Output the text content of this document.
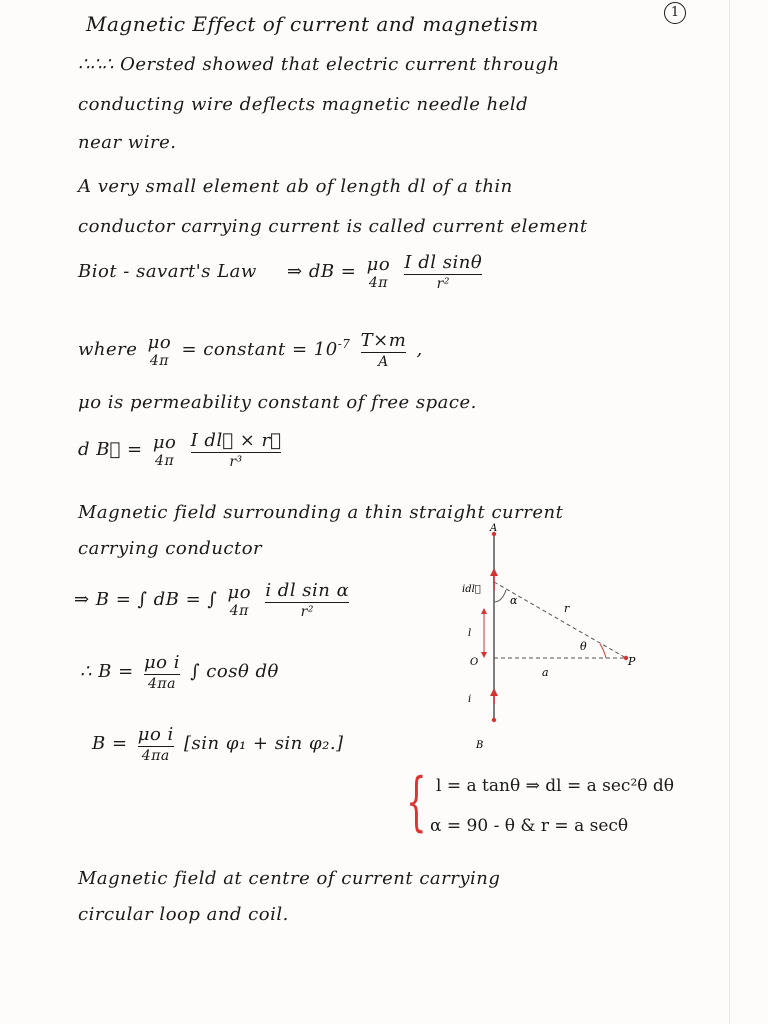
1
Magnetic Effect of current and magnetism
∴∴∴ Oersted showed that electric current through
conducting wire deflects magnetic needle held
near wire.
A very small element ab of length dl of a thin
conductor carrying current is called current element
Biot - savart's Law ⇒ dB = μo
4π
$\frac{\text{I dl sinθ}}{\text{r²}}$
where μo
4π
= constant = $10^{-7} \frac{T\times m}{A}$ ,
μo is permeability constant of free space.
d B⃗ = μo
4π
$\frac{\text{I dl⃗ × r⃗}}{\text{r³}}$
Magnetic field surrounding a thin straight current
carrying conductor
⇒ B = ∫ dB = ∫ μo
4π
$\frac{\text{i dl sin α}}{\text{r²}}$
∴ $B = \frac{\text{μo i}}{4\pi a}$ ∫ cosθ dθ
$B = \frac{\text{μo i}}{4\pi a} [\sin$ φ₁ + sin φ₂.]
{ l = a tanθ ⇒ dl = a sec²θ dθ
α = 90 - θ & r = a secθ
Magnetic field at centre of current carrying
circular loop and coil.
A
B
idl⃗
α
r
l
θ
O
a
P
i
